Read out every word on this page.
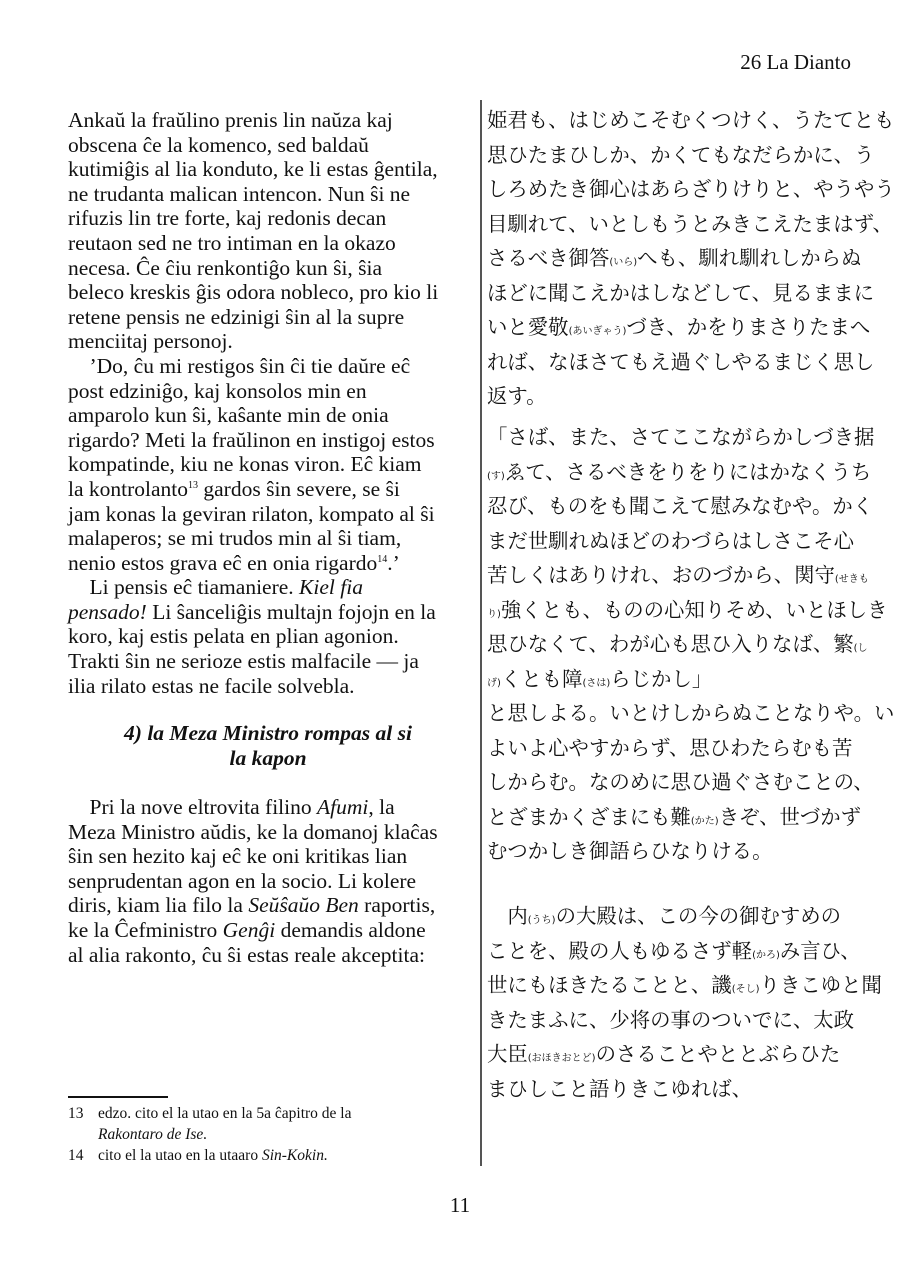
26 La Dianto
Ankaŭ la fraŭlino prenis lin naŭza kaj
obscena ĉe la komenco, sed baldaŭ
kutimiĝis al lia konduto, ke li estas ĝentila,
ne trudanta malican intencon. Nun ŝi ne
rifuzis lin tre forte, kaj redonis decan
reutaon sed ne tro intiman en la okazo
necesa. Ĉe ĉiu renkontiĝo kun ŝi, ŝia
beleco kreskis ĝis odora nobleco, pro kio li
retene pensis ne edzinigi ŝin al la supre
menciitaj personoj.
 ʼDo, ĉu mi restigos ŝin ĉi tie daŭre eĉ
post edziniĝo, kaj konsolos min en
amparolo kun ŝi, kaŝante min de onia
rigardo? Meti la fraŭlinon en instigoj estos
kompatinde, kiu ne konas viron. Eĉ kiam
la kontrolanto$^{13}$ gardos ŝin severe, se ŝi
jam konas la geviran rilaton, kompato al ŝi
malaperos; se mi trudos min al ŝi tiam,
nenio estos grava eĉ en onia rigardo$^{14}$.ʼ
 Li pensis eĉ tiamaniere. Kiel fia
pensado! Li ŝanceliĝis multajn fojojn en la
koro, kaj estis pelata en plian agonion.
Trakti ŝin ne serioze estis malfacile — ja
ilia rilato estas ne facile solvebla.
4) la Meza Ministro rompas al si
la kapon
 Pri la nove eltrovita filino Afumi, la
Meza Ministro aŭdis, ke la domanoj klaĉas
ŝin sen hezito kaj eĉ ke oni kritikas lian
senprudentan agon en la socio. Li kolere
diris, kiam lia filo la Seŭŝaŭo Ben raportis,
ke la Ĉefministro Genĝi demandis aldone
al alia rakonto, ĉu ŝi estas reale akceptita:
姫君も、はじめこそむくつけく、うたてとも
思ひたまひしか、かくてもなだらかに、う
しろめたき御心はあらざりけりと、やうやう
目馴れて、いとしもうとみきこえたまはず、
さるべき御答(いら)へも、馴れ馴れしからぬ
ほどに聞こえかはしなどして、見るままに
いと愛敬(あいぎゃう)づき、かをりまさりたまへ
れば、なほさてもえ過ぐしやるまじく思し
返す。
「さば、また、さてここながらかしづき据
(す)ゑて、さるべきをりをりにはかなくうち
忍び、ものをも聞こえて慰みなむや。かく
まだ世馴れぬほどのわづらはしさこそ心
苦しくはありけれ、おのづから、関守(せきも
り)強くとも、ものの心知りそめ、いとほしき
思ひなくて、わが心も思ひ入りなば、繁(し
げ)くとも障(さは)らじかし」
と思しよる。いとけしからぬことなりや。い
よいよ心やすからず、思ひわたらむも苦
しからむ。なのめに思ひ過ぐさむことの、
とざまかくざまにも難(かた)きぞ、世づかず
むつかしき御語らひなりける。
　内(うち)の大殿は、この今の御むすめの
ことを、殿の人もゆるさず軽(かろ)み言ひ、
世にもほきたることと、譏(そし)りきこゆと聞
きたまふに、少将の事のついでに、太政
大臣(おほきおとど)のさることやととぶらひた
まひしこと語りきこゆれば、
13 edzo. cito el la utao en la 5a ĉapitro de la
Rakontaro de Ise.
14 cito el la utao en la utaaro Sin-Kokin.
11
